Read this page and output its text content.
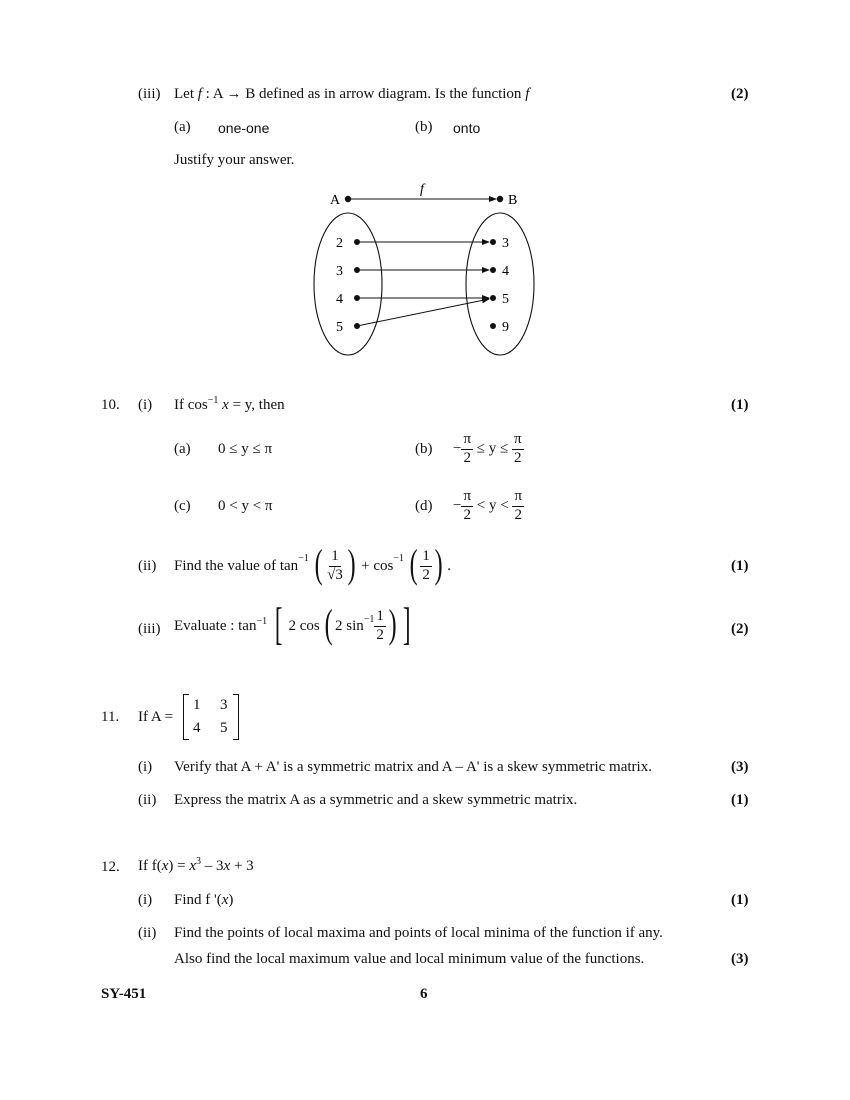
(iii) Let f : A → B defined as in arrow diagram. Is the function f	(2)
(a) one-one	(b) onto
Justify your answer.
A	B
f
2
3
4
5
3
4
5
9
10. (i) If $\cos^{-1} x = y$, then	(1)
(a) 0 ≤ y ≤ π	$(b) - \frac{\pi}{2} \le y \le \frac{\pi}{2}$
(c) 0 < y < π	$(d) - \frac{\pi}{2} < y < \frac{\pi}{2}$
(ii) Find the value of $\tan^{-1}$ ( $\frac{1}{√3}$ ) + $\cos^{-1}$ ( $\frac{1}{2}$ ) .	(1)
(iii) Evaluate : $\tan^{-1}$ [ 2 cos ( 2 $\sin^{-1} \frac{1}{2}$ ) ]	(2)
11. If A =
1 3
4 5
(i) Verify that A + A' is a symmetric matrix and A – A' is a skew symmetric matrix.	(3)
(ii) Express the matrix A as a symmetric and a skew symmetric matrix.	(1)
12. If $f(x) = x^3 - 3x + 3$
(i) Find f '(x)	(1)
(ii) Find the points of local maxima and points of local minima of the function if any.
Also find the local maximum value and local minimum value of the functions.	(3)
SY-451	6
